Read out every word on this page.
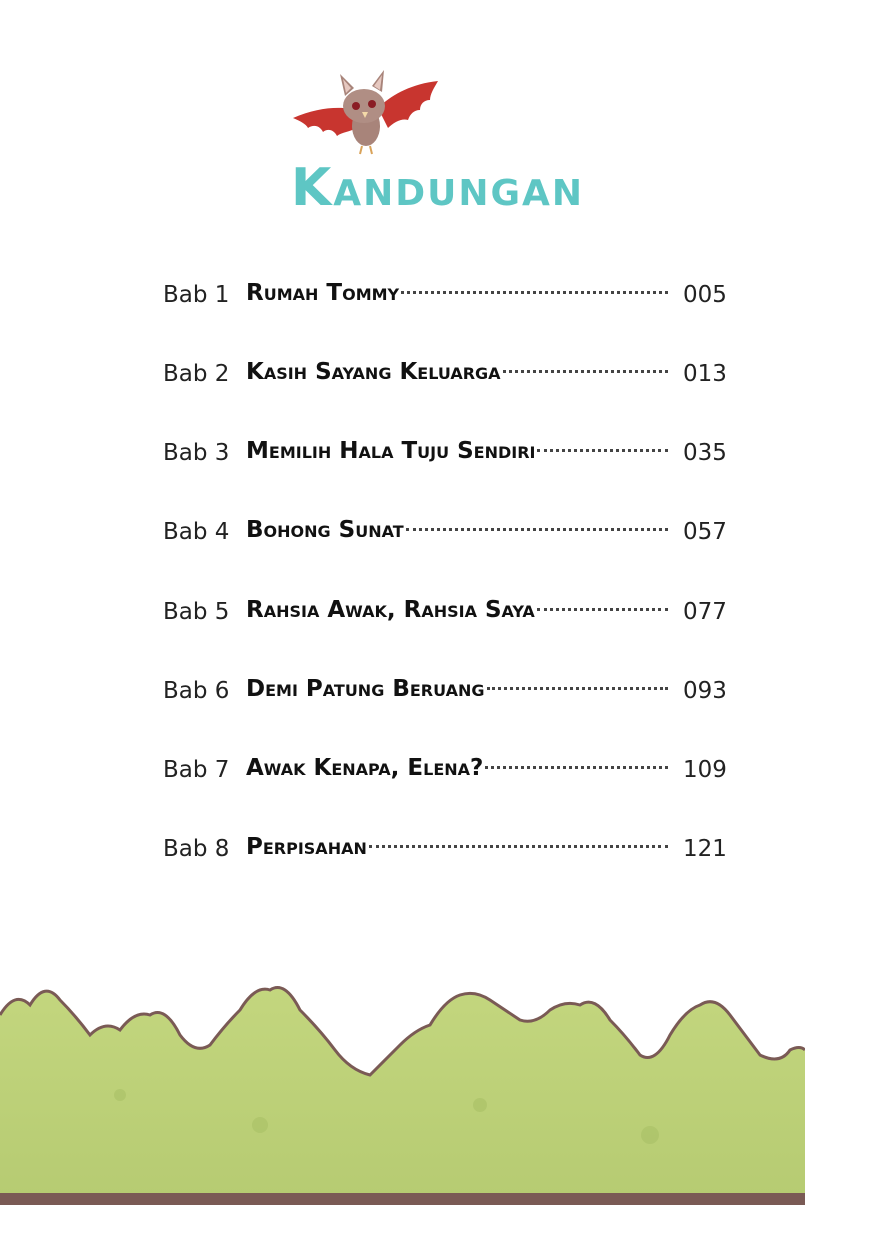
Kandungan
Bab 1 Rumah Tommy	005
Bab 2 Kasih Sayang Keluarga	013
Bab 3 Memilih Hala Tuju Sendiri	035
Bab 4 Bohong Sunat	057
Bab 5 Rahsia Awak, Rahsia Saya	077
Bab 6 Demi Patung Beruang	093
Bab 7 Awak Kenapa, Elena?	109
Bab 8 Perpisahan	121
